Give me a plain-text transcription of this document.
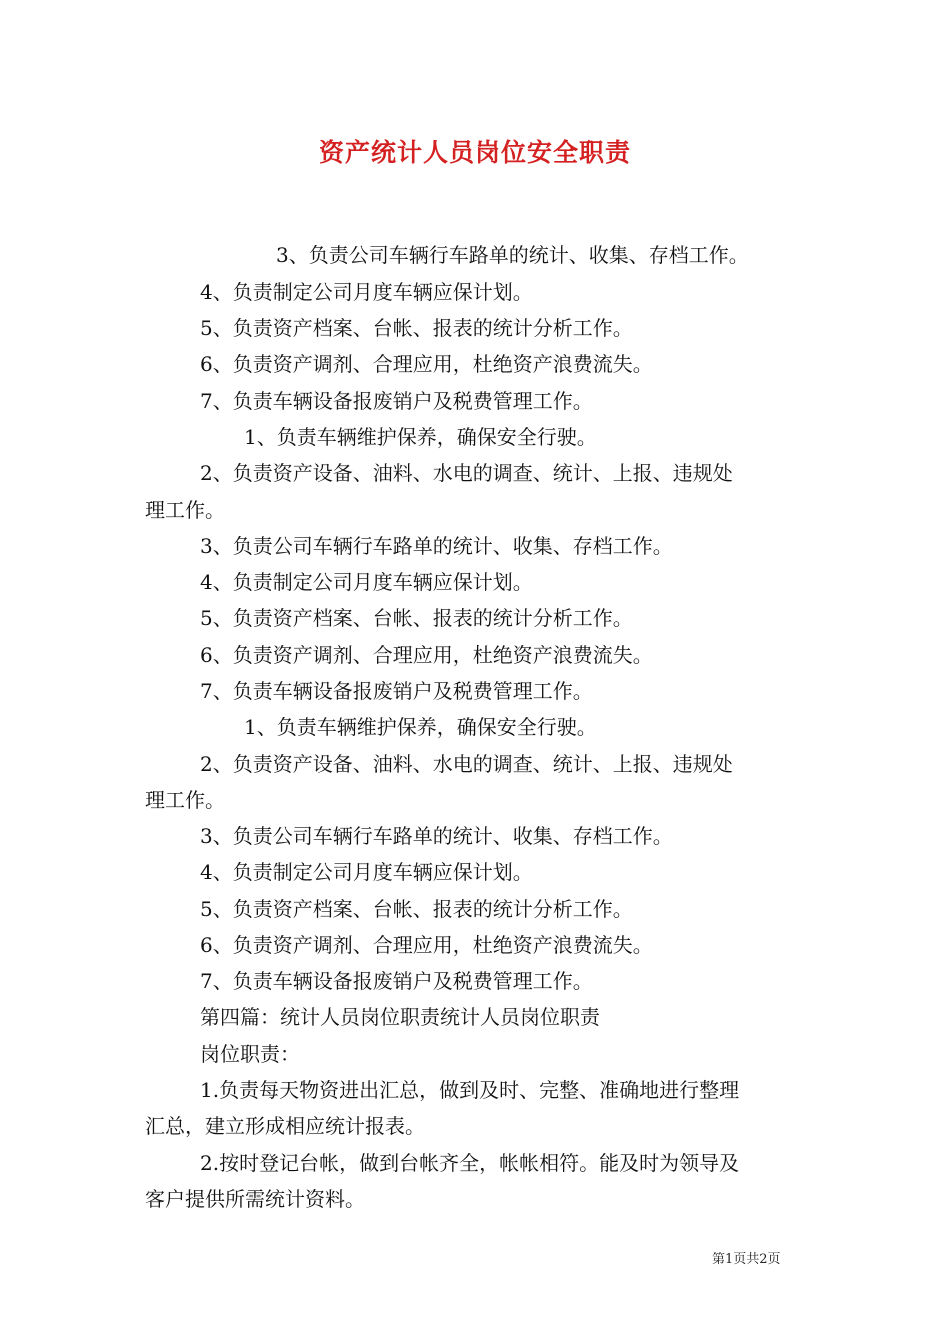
资产统计人员岗位安全职责
3、负责公司车辆行车路单的统计、收集、存档工作。
4、负责制定公司月度车辆应保计划。
5、负责资产档案、台帐、报表的统计分析工作。
6、负责资产调剂、合理应用，杜绝资产浪费流失。
7、负责车辆设备报废销户及税费管理工作。
1、负责车辆维护保养，确保安全行驶。
2、负责资产设备、油料、水电的调查、统计、上报、违规处
理工作。
3、负责公司车辆行车路单的统计、收集、存档工作。
4、负责制定公司月度车辆应保计划。
5、负责资产档案、台帐、报表的统计分析工作。
6、负责资产调剂、合理应用，杜绝资产浪费流失。
7、负责车辆设备报废销户及税费管理工作。
1、负责车辆维护保养，确保安全行驶。
2、负责资产设备、油料、水电的调查、统计、上报、违规处
理工作。
3、负责公司车辆行车路单的统计、收集、存档工作。
4、负责制定公司月度车辆应保计划。
5、负责资产档案、台帐、报表的统计分析工作。
6、负责资产调剂、合理应用，杜绝资产浪费流失。
7、负责车辆设备报废销户及税费管理工作。
第四篇：统计人员岗位职责统计人员岗位职责
岗位职责：
1.负责每天物资进出汇总，做到及时、完整、准确地进行整理
汇总，建立形成相应统计报表。
2.按时登记台帐，做到台帐齐全，帐帐相符。能及时为领导及
客户提供所需统计资料。
第1页共2页
